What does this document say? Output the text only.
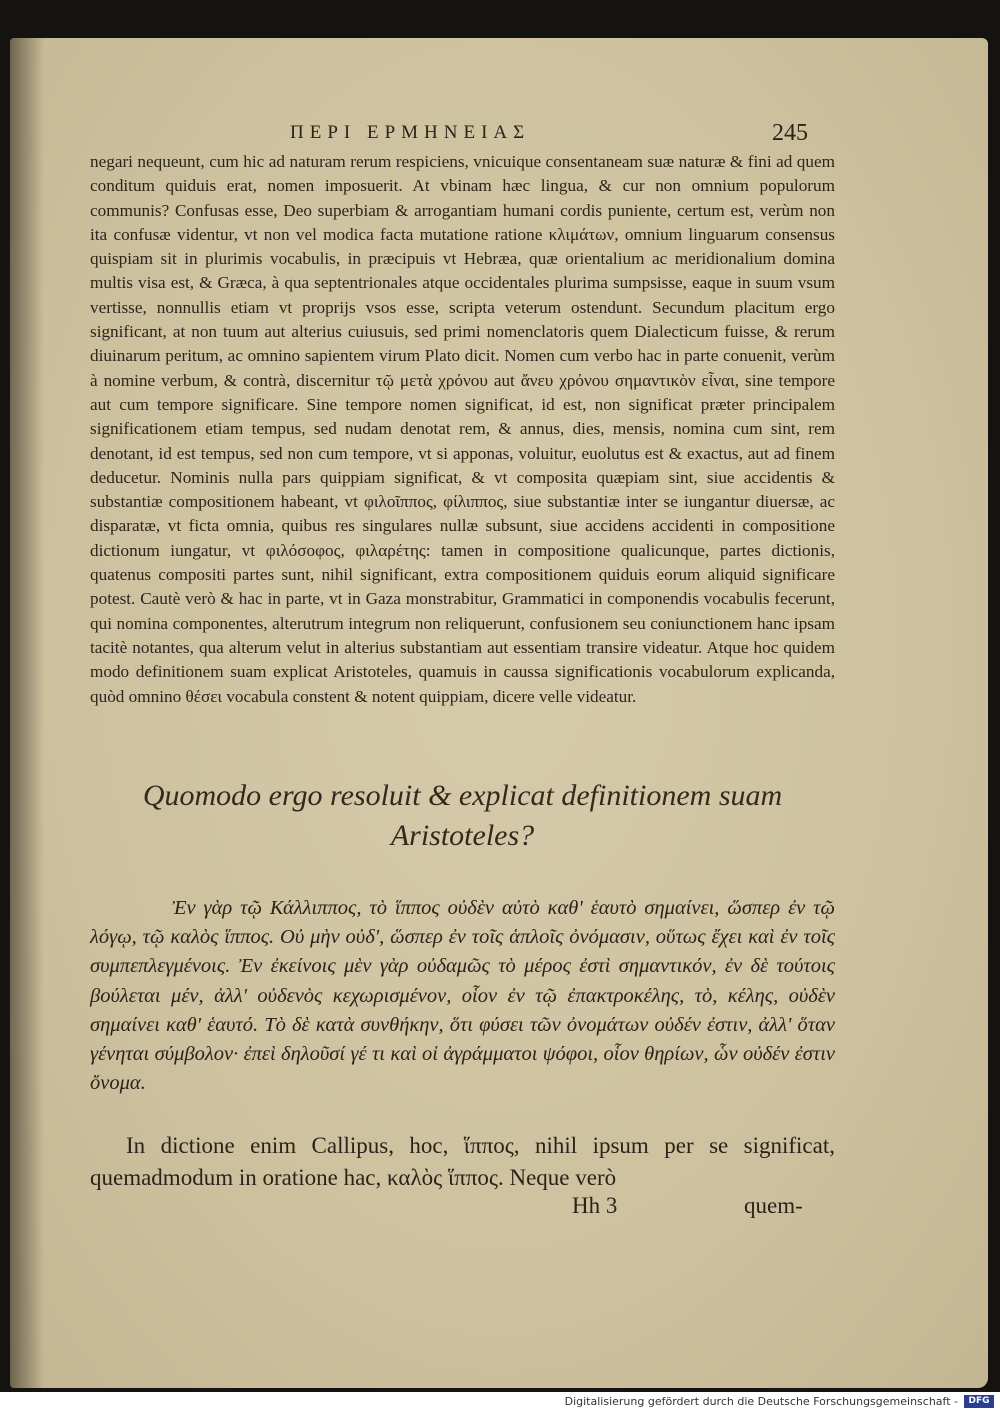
ΠΕΡΙ ΕΡΜΗΝΕΙΑΣ	245

negari nequeunt, cum hic ad naturam rerum respiciens, vnicuique consentaneam suæ naturæ & fini ad quem conditum quiduis erat, nomen imposuerit. At vbinam hæc lingua, & cur non omnium populorum communis? Confusas esse, Deo superbiam & arrogantiam humani cordis puniente, certum est, verùm non ita confusæ videntur, vt non vel modica facta mutatione ratione κλιμάτων, omnium linguarum consensus quispiam sit in plurimis vocabulis, in præcipuis vt Hebræa, quæ orientalium ac meridionalium domina multis visa est, & Græca, à qua septentrionales atque occidentales plurima sumpsisse, eaque in suum vsum vertisse, nonnullis etiam vt proprijs vsos esse, scripta veterum ostendunt. Secundum placitum ergo significant, at non tuum aut alterius cuiusuis, sed primi nomenclatoris quem Dialecticum fuisse, & rerum diuinarum peritum, ac omnino sapientem virum Plato dicit. Nomen cum verbo hac in parte conuenit, verùm à nomine verbum, & contrà, discernitur τῷ μετὰ χρόνου aut ἄνευ χρόνου σημαντικὸν εἶναι, sine tempore aut cum tempore significare. Sine tempore nomen significat, id est, non significat præter principalem significationem etiam tempus, sed nudam denotat rem, & annus, dies, mensis, nomina cum sint, rem denotant, id est tempus, sed non cum tempore, vt si apponas, voluitur, euolutus est & exactus, aut ad finem deducetur. Nominis nulla pars quippiam significat, & vt composita quæpiam sint, siue accidentis & substantiæ compositionem habeant, vt φιλοῖππος, φίλιππος, siue substantiæ inter se iungantur diuersæ, ac disparatæ, vt ficta omnia, quibus res singulares nullæ subsunt, siue accidens accidenti in compositione dictionum iungatur, vt φιλόσοφος, φιλαρέτης: tamen in compositione qualicunque, partes dictionis, quatenus compositi partes sunt, nihil significant, extra compositionem quiduis eorum aliquid significare potest. Cautè verò & hac in parte, vt in Gaza monstrabitur, Grammatici in componendis vocabulis fecerunt, qui nomina componentes, alterutrum integrum non reliquerunt, confusionem seu coniunctionem hanc ipsam tacitè notantes, qua alterum velut in alterius substantiam aut essentiam transire videatur. Atque hoc quidem modo definitionem suam explicat Aristoteles, quamuis in caussa significationis vocabulorum explicanda, quòd omnino θέσει vocabula constent & notent quippiam, dicere velle videatur.

Quomodo ergo resoluit & explicat definitionem suam

Aristoteles?

Ἐν γὰρ τῷ Κάλλιππος, τὸ ἵππος οὐδὲν αὐτὸ καθ' ἑαυτὸ σημαίνει, ὥσπερ ἐν τῷ λόγῳ, τῷ καλὸς ἵππος. Οὐ μὴν οὐδ', ὥσπερ ἐν τοῖς ἁπλοῖς ὀνόμασιν, οὕτως ἔχει καὶ ἐν τοῖς συμπεπλεγμένοις. Ἐν ἐκείνοις μὲν γὰρ οὐδαμῶς τὸ μέρος ἐστὶ σημαντικόν, ἐν δὲ τούτοις βούλεται μέν, ἀλλ' οὐδενὸς κεχωρισμένον, οἷον ἐν τῷ ἐπακτροκέλης, τὸ, κέλης, οὐδὲν σημαίνει καθ' ἑαυτό. Τὸ δὲ κατὰ συνθήκην, ὅτι φύσει τῶν ὀνομάτων οὐδέν ἐστιν, ἀλλ' ὅταν γένηται σύμβολον· ἐπεὶ δηλοῦσί γέ τι καὶ οἱ ἀγράμματοι ψόφοι, οἷον θηρίων, ὧν οὐδέν ἐστιν ὄνομα.

In dictione enim Callipus, hoc, ἵππος, nihil ipsum per se significat, quemadmodum in oratione hac, καλὸς ἵππος. Neque verò

Hh 3	quem-
Digitalisierung gefördert durch die Deutsche Forschungsgemeinschaft -	DFG
